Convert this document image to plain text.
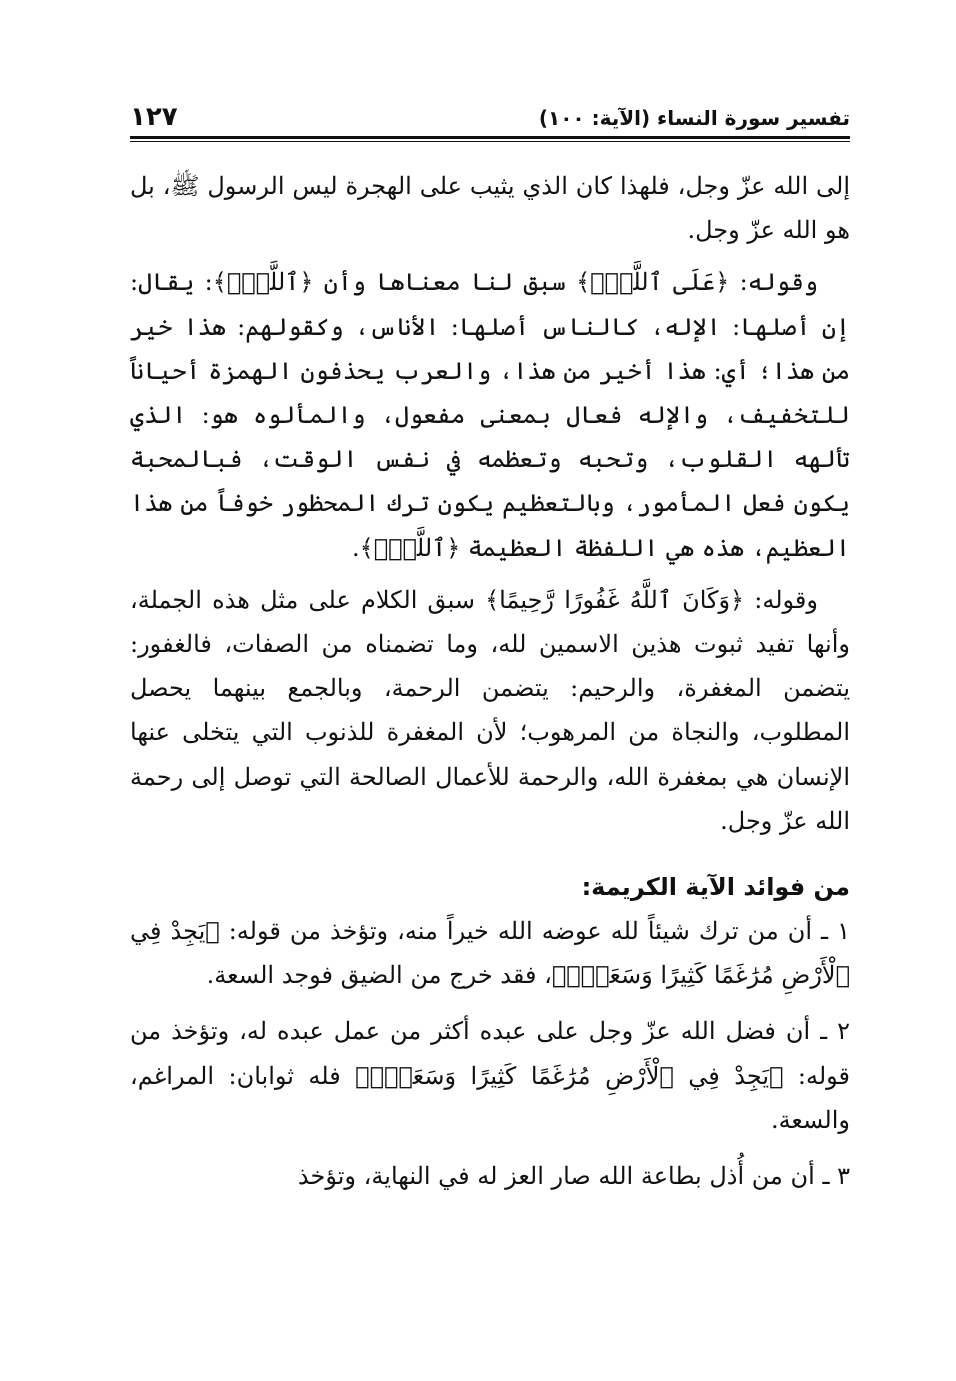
تفسير سورة النساء (الآية: ١٠٠)
١٢٧

إلى الله عزّ وجل، فلهذا كان الذي يثيب على الهجرة ليس الرسول ﷺ، بل هو الله عزّ وجل.

وقوله: ﴿عَلَى ٱللَّهِۗ﴾ سبق لنا معناها وأن ﴿ٱللَّهِۗ﴾: يقال: إن أصلها: الإله، كالناس أصلها: الأناس، وكقولهم: هذا خير من هذا؛ أي: هذا أخير من هذا، والعرب يحذفون الهمزة أحياناً للتخفيف، والإله فعال بمعنى مفعول، والمألوه هو: الذي تألهه القلوب، وتحبه وتعظمه في نفس الوقت، فبالمحبة يكون فعل المأمور، وبالتعظيم يكون ترك المحظور خوفاً من هذا العظيم، هذه هي اللفظة العظيمة ﴿ٱللَّهِۗ﴾.

وقوله: ﴿وَكَانَ ٱللَّهُ غَفُورًا رَّحِيمًا﴾ سبق الكلام على مثل هذه الجملة، وأنها تفيد ثبوت هذين الاسمين لله، وما تضمناه من الصفات، فالغفور: يتضمن المغفرة، والرحيم: يتضمن الرحمة، وبالجمع بينهما يحصل المطلوب، والنجاة من المرهوب؛ لأن المغفرة للذنوب التي يتخلى عنها الإنسان هي بمغفرة الله، والرحمة للأعمال الصالحة التي توصل إلى رحمة الله عزّ وجل.

من فوائد الآية الكريمة:

١ ـ أن من ترك شيئاً لله عوضه الله خيراً منه، وتؤخذ من قوله: ﴿يَجِدْ فِي ٱلْأَرْضِ مُرَٰغَمًا كَثِيرًا وَسَعَةًۚ﴾، فقد خرج من الضيق فوجد السعة.

٢ ـ أن فضل الله عزّ وجل على عبده أكثر من عمل عبده له، وتؤخذ من قوله: ﴿يَجِدْ فِي ٱلْأَرْضِ مُرَٰغَمًا كَثِيرًا وَسَعَةًۚ﴾ فله ثوابان: المراغم، والسعة.

٣ ـ أن من أُذل بطاعة الله صار العز له في النهاية، وتؤخذ
